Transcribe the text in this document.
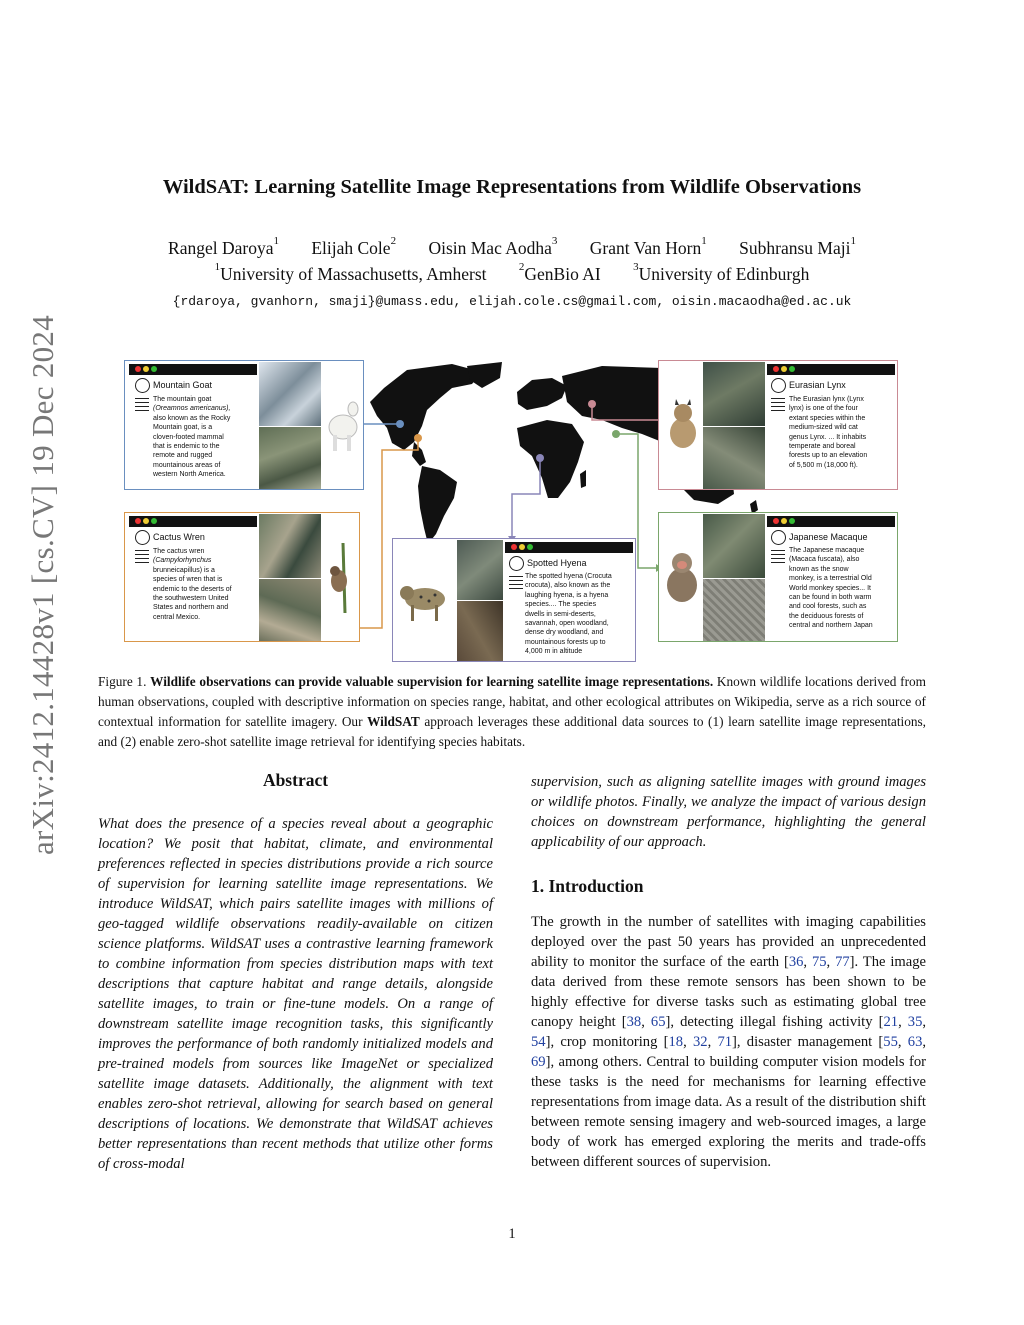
arXiv:2412.14428v1 [cs.CV] 19 Dec 2024
WildSAT: Learning Satellite Image Representations from Wildlife Observations
Rangel Daroya$^1$ Elijah Cole$^2$ Oisin Mac Aodha$^3$ Grant Van Horn$^1$ Subhransu Maji$^1$
$^1$University of Massachusetts, Amherst	$^2$GenBio AI	$^3$University of Edinburgh
{rdaroya, gvanhorn, smaji}@umass.edu, elijah.cole.cs@gmail.com, oisin.macaodha@ed.ac.uk
Mountain Goat
The mountain goat
(Oreamnos americanus),
also known as the Rocky
Mountain goat, is a
cloven-footed mammal
that is endemic to the
remote and rugged
mountainous areas of
western North America.
Cactus Wren
The cactus wren
(Campylorhynchus
brunneicapillus) is a
species of wren that is
endemic to the deserts of
the southwestern United
States and northern and
central Mexico.
Spotted Hyena
The spotted hyena (Crocuta
crocuta), also known as the
laughing hyena, is a hyena
species.... The species
dwells in semi-deserts,
savannah, open woodland,
dense dry woodland, and
mountainous forests up to
4,000 m in altitude
Eurasian Lynx
The Eurasian lynx (Lynx
lynx) is one of the four
extant species within the
medium-sized wild cat
genus Lynx. ... It inhabits
temperate and boreal
forests up to an elevation
of 5,500 m (18,000 ft).
Japanese Macaque
The Japanese macaque
(Macaca fuscata), also
known as the snow
monkey, is a terrestrial Old
World monkey species... It
can be found in both warm
and cool forests, such as
the deciduous forests of
central and northern Japan
Figure 1. Wildlife observations can provide valuable supervision for learning satellite image representations. Known wildlife locations derived from human observations, coupled with descriptive information on species range, habitat, and other ecological attributes on Wikipedia, serve as a rich source of contextual information for satellite imagery. Our WildSAT approach leverages these additional data sources to (1) learn satellite image representations, and (2) enable zero-shot satellite image retrieval for identifying species habitats.
Abstract
What does the presence of a species reveal about a geographic location? We posit that habitat, climate, and environmental preferences reflected in species distributions provide a rich source of supervision for learning satellite image representations. We introduce WildSAT, which pairs satellite images with millions of geo-tagged wildlife observations readily-available on citizen science platforms. WildSAT uses a contrastive learning framework to combine information from species distribution maps with text descriptions that capture habitat and range details, alongside satellite images, to train or fine-tune models. On a range of downstream satellite image recognition tasks, this significantly improves the performance of both randomly initialized models and pre-trained models from sources like ImageNet or specialized satellite image datasets. Additionally, the alignment with text enables zero-shot retrieval, allowing for search based on general descriptions of locations. We demonstrate that WildSAT achieves better representations than recent methods that utilize other forms of cross-modal
supervision, such as aligning satellite images with ground images or wildlife photos. Finally, we analyze the impact of various design choices on downstream performance, highlighting the general applicability of our approach.
1. Introduction
The growth in the number of satellites with imaging capabilities deployed over the past 50 years has provided an unprecedented ability to monitor the surface of the earth [36, 75, 77]. The image data derived from these remote sensors has been shown to be highly effective for diverse tasks such as estimating global tree canopy height [38, 65], detecting illegal fishing activity [21, 35, 54], crop monitoring [18, 32, 71], disaster management [55, 63, 69], among others. Central to building computer vision models for these tasks is the need for mechanisms for learning effective representations from image data. As a result of the distribution shift between remote sensing imagery and web-sourced images, a large body of work has emerged exploring the merits and trade-offs between different sources of supervision.
1
